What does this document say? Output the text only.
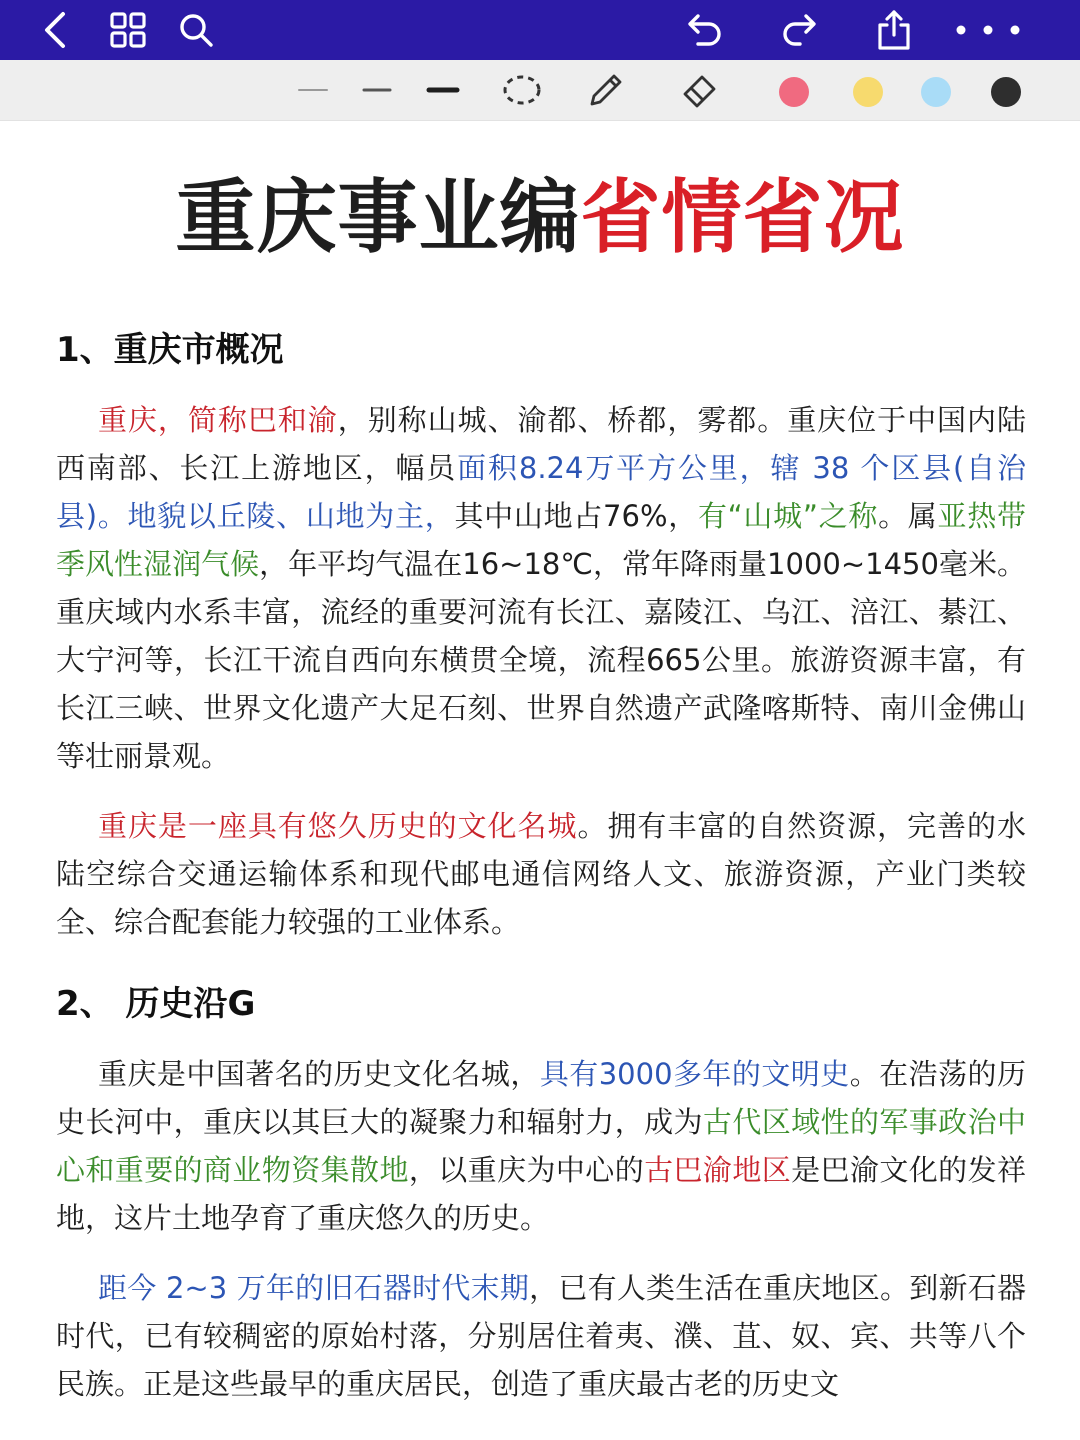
重庆事业编省情省况
1、重庆市概况

重庆，简称巴和渝，别称山城、渝都、桥都，雾都。重庆位于中国内陆西南部、长江上游地区，幅员面积8.24万平方公里，辖 38 个区县(自治县)。地貌以丘陵、山地为主，其中山地占76%，有“山城”之称。属亚热带季风性湿润气候，年平均气温在16~18℃，常年降雨量1000~1450毫米。重庆域内水系丰富，流经的重要河流有长江、嘉陵江、乌江、涪江、綦江、大宁河等，长江干流自西向东横贯全境，流程665公里。旅游资源丰富，有长江三峡、世界文化遗产大足石刻、世界自然遗产武隆喀斯特、南川金佛山等壮丽景观。

重庆是一座具有悠久历史的文化名城。拥有丰富的自然资源，完善的水陆空综合交通运输体系和现代邮电通信网络人文、旅游资源，产业门类较全、综合配套能力较强的工业体系。

2、 历史沿G

重庆是中国著名的历史文化名城，具有3000多年的文明史。在浩荡的历史长河中，重庆以其巨大的凝聚力和辐射力，成为古代区域性的军事政治中心和重要的商业物资集散地，以重庆为中心的古巴渝地区是巴渝文化的发祥地，这片土地孕育了重庆悠久的历史。

距今 2~3 万年的旧石器时代末期，已有人类生活在重庆地区。到新石器时代，已有较稠密的原始村落，分别居住着夷、濮、苴、奴、宾、共等八个民族。正是这些最早的重庆居民，创造了重庆最古老的历史文
